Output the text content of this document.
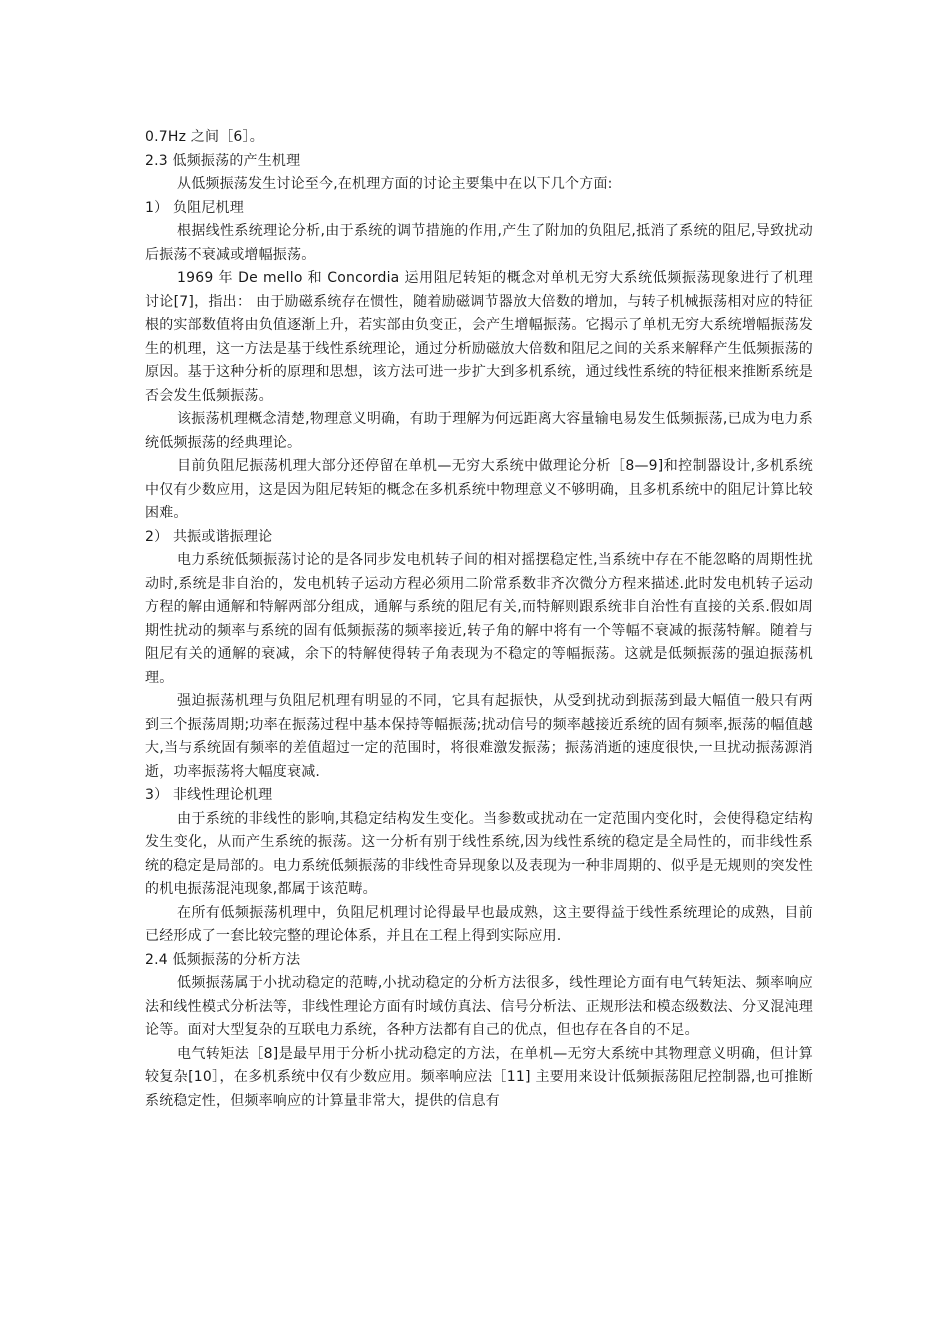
0.7Hz 之间［6］。

2.3 低频振荡的产生机理

从低频振荡发生讨论至今,在机理方面的讨论主要集中在以下几个方面:

1） 负阻尼机理

根据线性系统理论分析,由于系统的调节措施的作用,产生了附加的负阻尼,抵消了系统的阻尼,导致扰动后振荡不衰减或增幅振荡。

1969 年 De mello 和 Concordia 运用阻尼转矩的概念对单机无穷大系统低频振荡现象进行了机理讨论[7]，指出： 由于励磁系统存在惯性，随着励磁调节器放大倍数的增加，与转子机械振荡相对应的特征根的实部数值将由负值逐渐上升，若实部由负变正，会产生增幅振荡。它揭示了单机无穷大系统增幅振荡发生的机理，这一方法是基于线性系统理论，通过分析励磁放大倍数和阻尼之间的关系来解释产生低频振荡的原因。基于这种分析的原理和思想，该方法可进一步扩大到多机系统，通过线性系统的特征根来推断系统是否会发生低频振荡。

该振荡机理概念清楚,物理意义明确，有助于理解为何远距离大容量输电易发生低频振荡,已成为电力系统低频振荡的经典理论。

目前负阻尼振荡机理大部分还停留在单机—无穷大系统中做理论分析［8—9]和控制器设计,多机系统中仅有少数应用，这是因为阻尼转矩的概念在多机系统中物理意义不够明确，且多机系统中的阻尼计算比较困难。

2） 共振或谐振理论

电力系统低频振荡讨论的是各同步发电机转子间的相对摇摆稳定性,当系统中存在不能忽略的周期性扰动时,系统是非自治的，发电机转子运动方程必须用二阶常系数非齐次微分方程来描述.此时发电机转子运动方程的解由通解和特解两部分组成，通解与系统的阻尼有关,而特解则跟系统非自治性有直接的关系.假如周期性扰动的频率与系统的固有低频振荡的频率接近,转子角的解中将有一个等幅不衰减的振荡特解。随着与阻尼有关的通解的衰减，余下的特解使得转子角表现为不稳定的等幅振荡。这就是低频振荡的强迫振荡机理。

强迫振荡机理与负阻尼机理有明显的不同，它具有起振快，从受到扰动到振荡到最大幅值一般只有两到三个振荡周期;功率在振荡过程中基本保持等幅振荡;扰动信号的频率越接近系统的固有频率,振荡的幅值越大,当与系统固有频率的差值超过一定的范围时，将很难激发振荡；振荡消逝的速度很快,一旦扰动振荡源消逝，功率振荡将大幅度衰减.

3） 非线性理论机理

由于系统的非线性的影响,其稳定结构发生变化。当参数或扰动在一定范围内变化时，会使得稳定结构发生变化，从而产生系统的振荡。这一分析有别于线性系统,因为线性系统的稳定是全局性的，而非线性系统的稳定是局部的。电力系统低频振荡的非线性奇异现象以及表现为一种非周期的、似乎是无规则的突发性的机电振荡混沌现象,都属于该范畴。

在所有低频振荡机理中，负阻尼机理讨论得最早也最成熟，这主要得益于线性系统理论的成熟，目前已经形成了一套比较完整的理论体系，并且在工程上得到实际应用.

2.4 低频振荡的分析方法

低频振荡属于小扰动稳定的范畴,小扰动稳定的分析方法很多，线性理论方面有电气转矩法、频率响应法和线性模式分析法等，非线性理论方面有时域仿真法、信号分析法、正规形法和模态级数法、分叉混沌理论等。面对大型复杂的互联电力系统，各种方法都有自己的优点，但也存在各自的不足。

电气转矩法［8]是最早用于分析小扰动稳定的方法，在单机—无穷大系统中其物理意义明确，但计算较复杂[10］，在多机系统中仅有少数应用。频率响应法［11] 主要用来设计低频振荡阻尼控制器,也可推断系统稳定性，但频率响应的计算量非常大，提供的信息有
